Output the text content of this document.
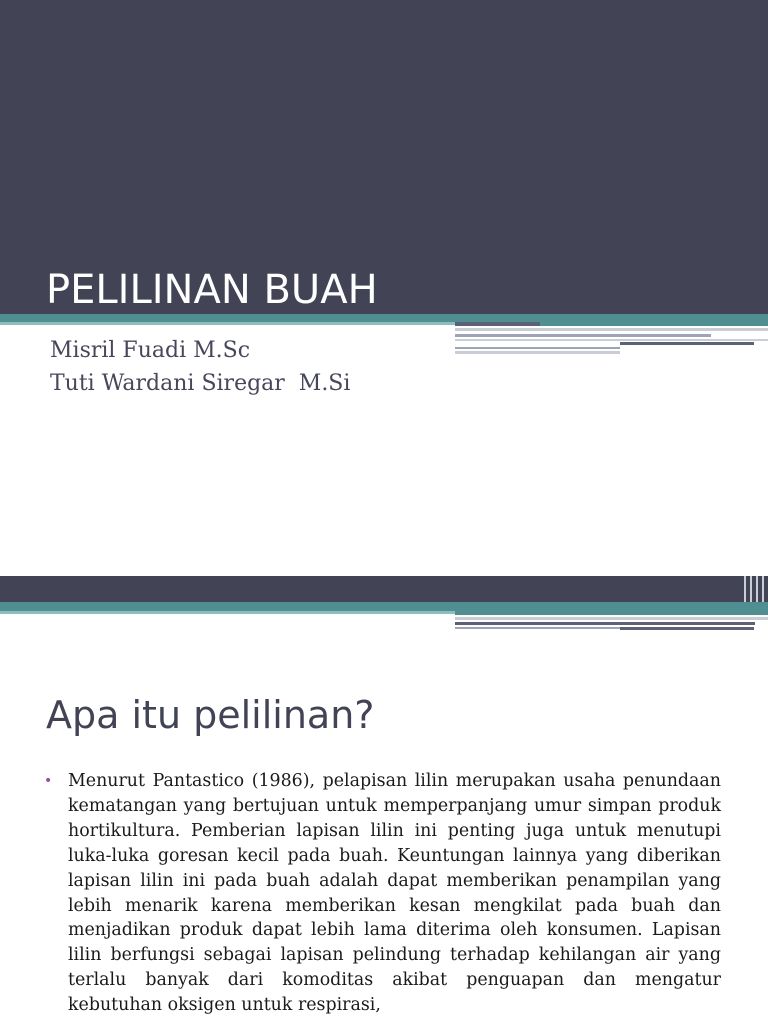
PELILINAN BUAH
Misril Fuadi M.Sc
Tuti Wardani Siregar  M.Si
Apa itu pelilinan?
• Menurut Pantastico (1986), pelapisan lilin merupakan usaha penundaan kematangan yang bertujuan untuk memperpanjang umur simpan produk hortikultura. Pemberian lapisan lilin ini penting juga untuk menutupi luka-luka goresan kecil pada buah. Keuntungan lainnya yang diberikan lapisan lilin ini pada buah adalah dapat memberikan penampilan yang lebih menarik karena memberikan kesan mengkilat pada buah dan menjadikan produk dapat lebih lama diterima oleh konsumen. Lapisan lilin berfungsi sebagai lapisan pelindung terhadap kehilangan air yang terlalu banyak dari komoditas akibat penguapan dan mengatur kebutuhan oksigen untuk respirasi,
